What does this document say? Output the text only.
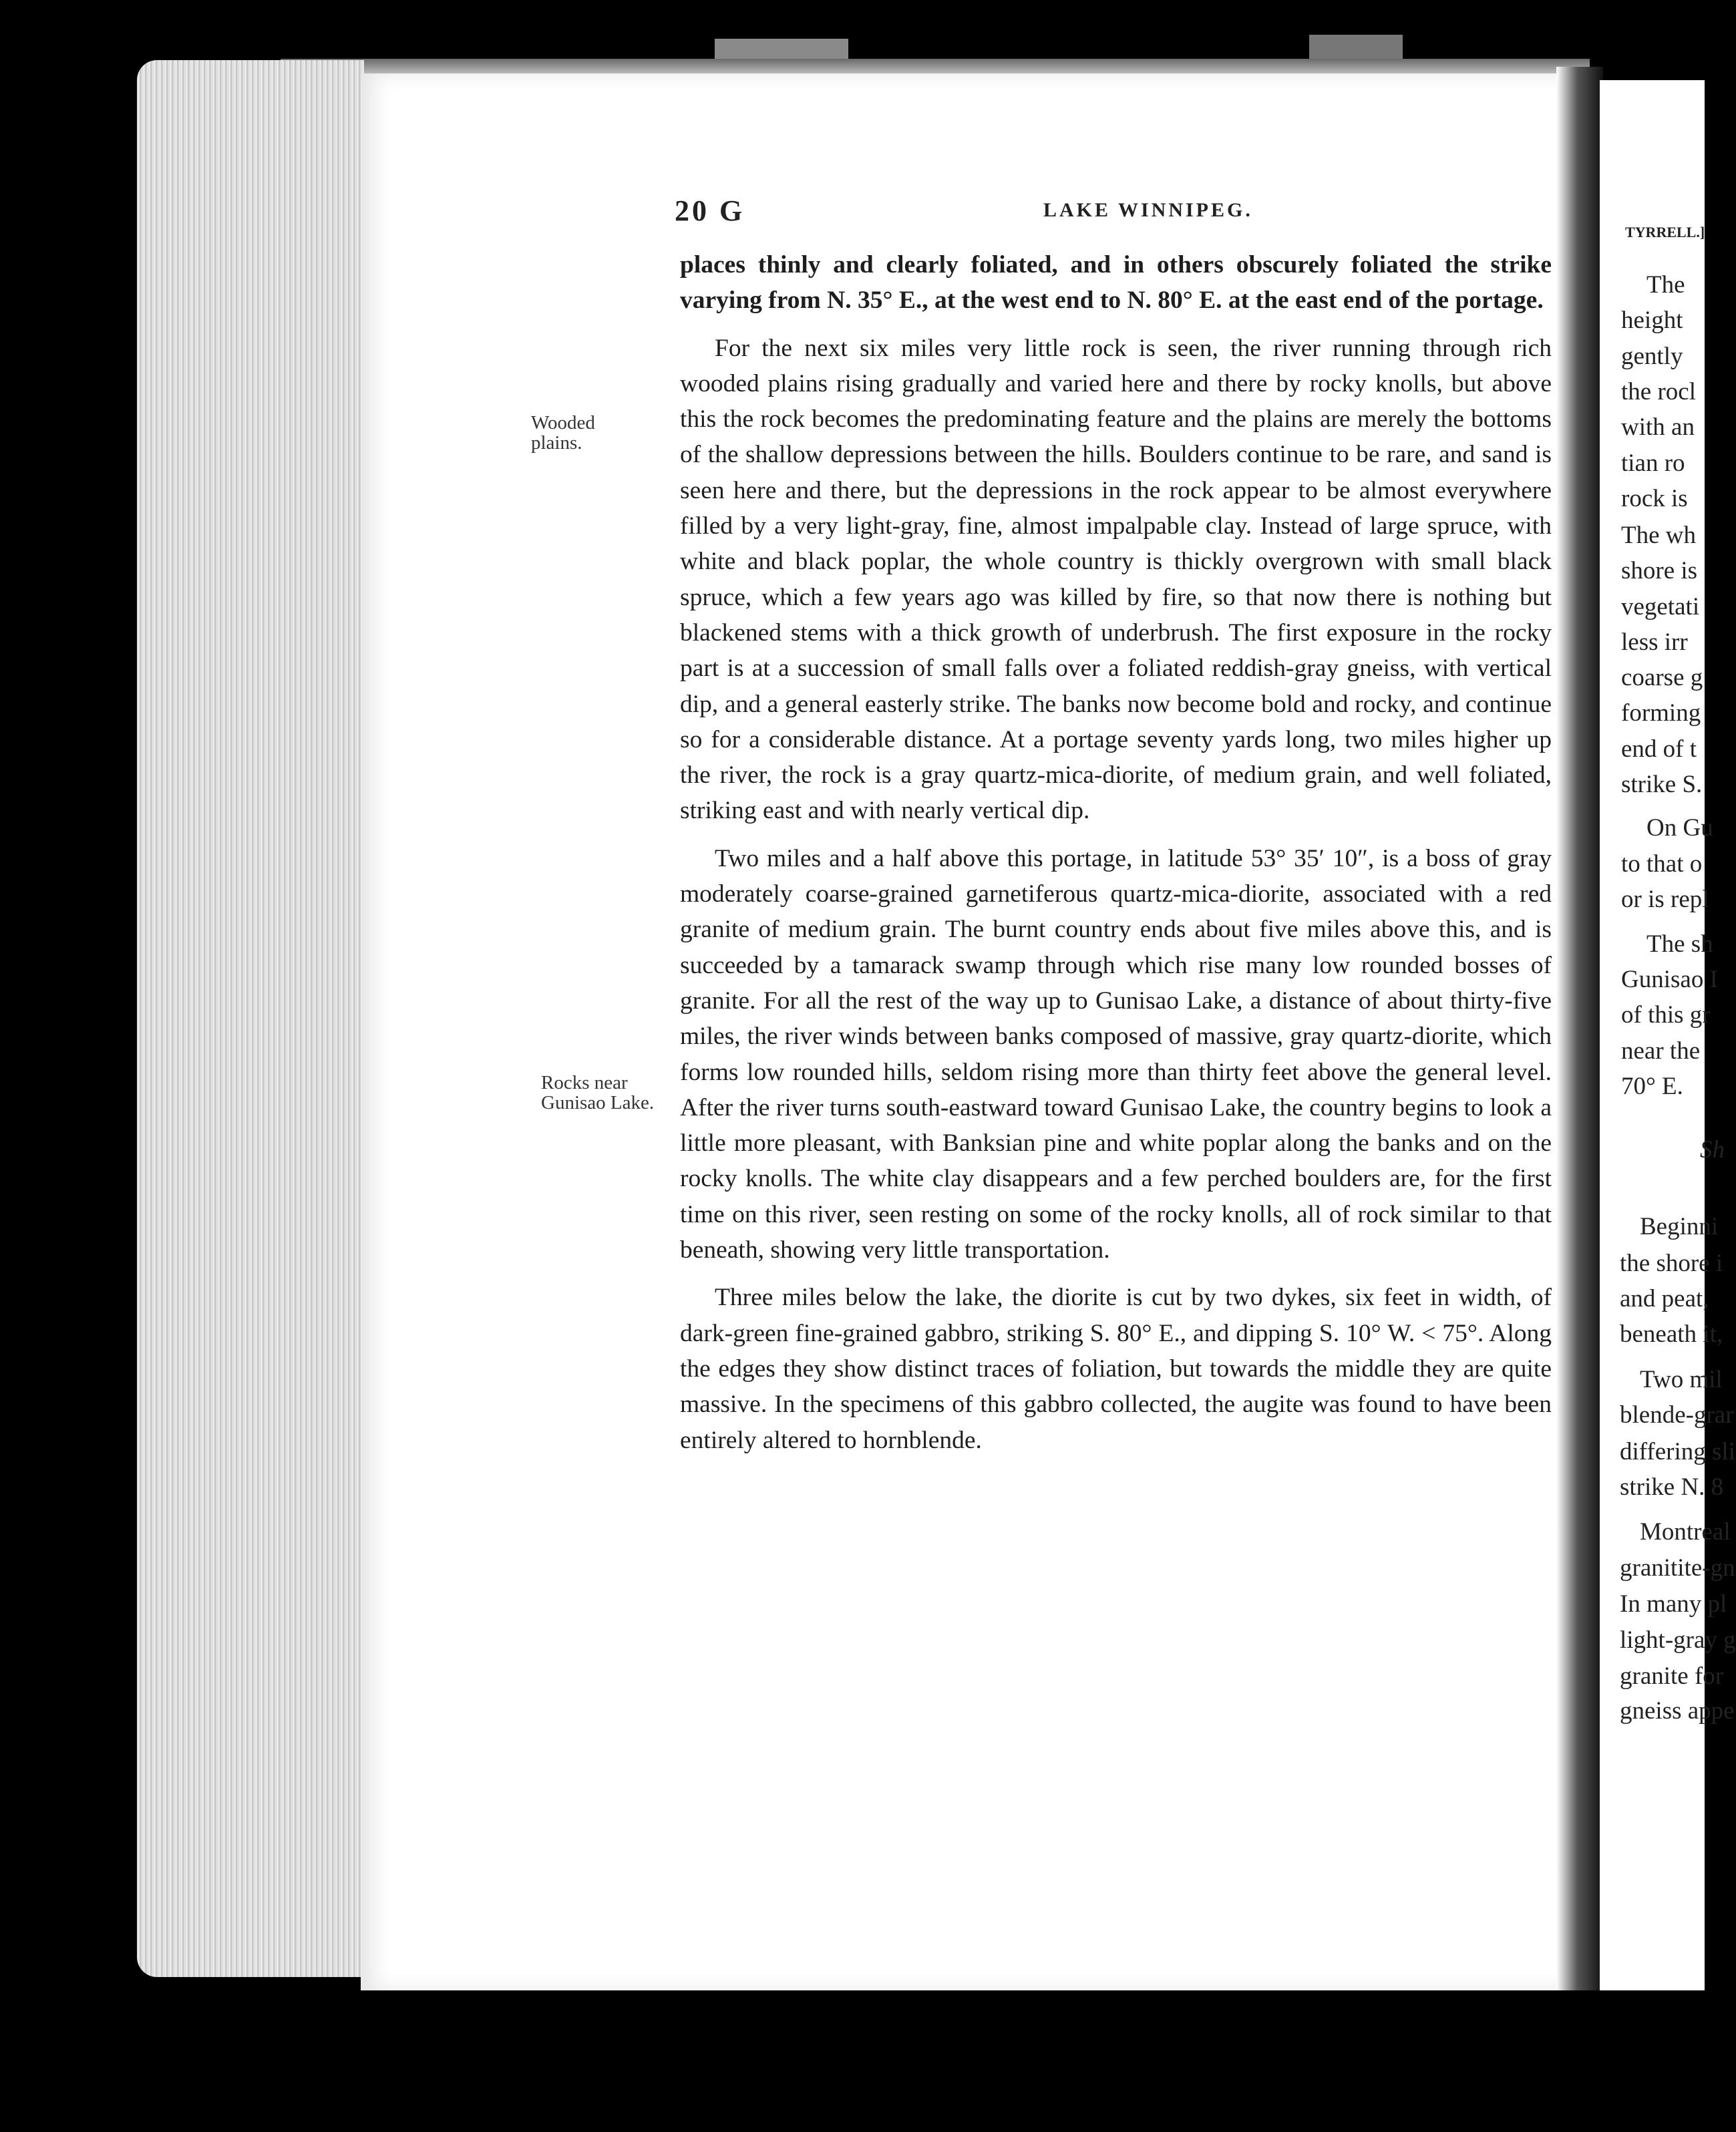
20 G	LAKE WINNIPEG.
Wooded
plains.
Rocks near
Gunisao Lake.

places thinly and clearly foliated, and in others obscurely foliated the strike varying from N. 35° E., at the west end to N. 80° E. at the east end of the portage.

For the next six miles very little rock is seen, the river running through rich wooded plains rising gradually and varied here and there by rocky knolls, but above this the rock becomes the predominating feature and the plains are merely the bottoms of the shallow depressions between the hills. Boulders continue to be rare, and sand is seen here and there, but the depressions in the rock appear to be almost everywhere filled by a very light-gray, fine, almost impalpable clay. Instead of large spruce, with white and black poplar, the whole country is thickly overgrown with small black spruce, which a few years ago was killed by fire, so that now there is nothing but blackened stems with a thick growth of underbrush. The first exposure in the rocky part is at a succession of small falls over a foliated reddish-gray gneiss, with vertical dip, and a general easterly strike. The banks now become bold and rocky, and continue so for a considerable distance. At a portage seventy yards long, two miles higher up the river, the rock is a gray quartz-mica-diorite, of medium grain, and well foliated, striking east and with nearly vertical dip.

Two miles and a half above this portage, in latitude 53° 35′ 10″, is a boss of gray moderately coarse-grained garnetiferous quartz-mica-diorite, associated with a red granite of medium grain. The burnt country ends about five miles above this, and is succeeded by a tamarack swamp through which rise many low rounded bosses of granite. For all the rest of the way up to Gunisao Lake, a distance of about thirty-five miles, the river winds between banks composed of massive, gray quartz-diorite, which forms low rounded hills, seldom rising more than thirty feet above the general level. After the river turns south-eastward toward Gunisao Lake, the country begins to look a little more pleasant, with Banksian pine and white poplar along the banks and on the rocky knolls. The white clay disappears and a few perched boulders are, for the first time on this river, seen resting on some of the rocky knolls, all of rock similar to that beneath, showing very little transportation.

Three miles below the lake, the diorite is cut by two dykes, six feet in width, of dark-green fine-grained gabbro, striking S. 80° E., and dipping S. 10° W. < 75°. Along the edges they show distinct traces of foliation, but towards the middle they are quite massive. In the specimens of this gabbro collected, the augite was found to have been entirely altered to hornblende.

TYRRELL.]
The
height
gently
the rocl
with an
tian ro
rock is
The wh
shore is
vegetati
less irr
coarse g
forming
end of t
strike S.
On Gu
to that o
or is repl
The sh
Gunisao I
of this gr
near the
70° E.
Sh
Beginni
the shore i
and peat,
beneath it,
Two mil
blende-grar
differing sli
strike N. 8
Montreal
granitite-gn
In many pl
light-gray g
granite for
gneiss appe
